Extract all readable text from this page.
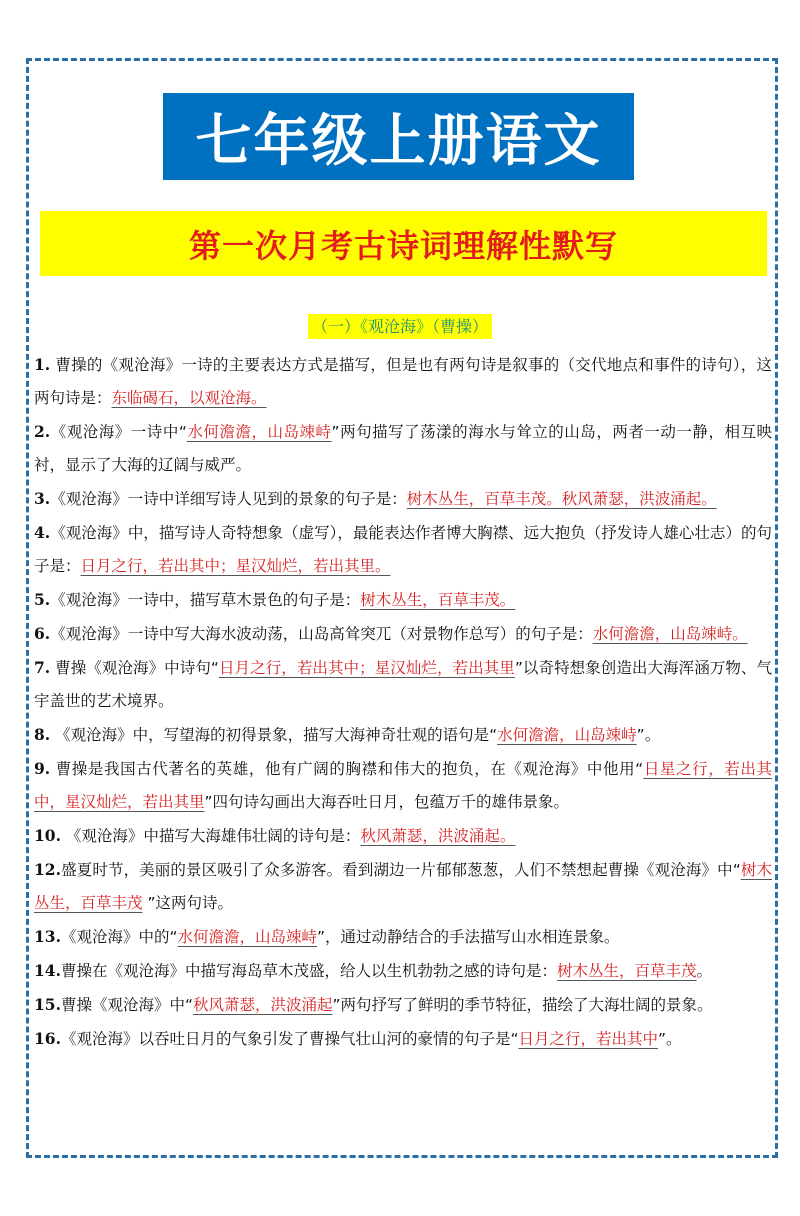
七年级上册语文
第一次月考古诗词理解性默写
（一）《观沧海》（曹操）

1. 曹操的《观沧海》一诗的主要表达方式是描写，但是也有两句诗是叙事的（交代地点和事件的诗句），这两句诗是：东临碣石，以观沧海。

2.《观沧海》一诗中“水何澹澹，山岛竦峙”两句描写了荡漾的海水与耸立的山岛，两者一动一静，相互映衬，显示了大海的辽阔与威严。

3.《观沧海》一诗中详细写诗人见到的景象的句子是：树木丛生，百草丰茂。秋风萧瑟，洪波涌起。

4.《观沧海》中，描写诗人奇特想象（虚写），最能表达作者博大胸襟、远大抱负（抒发诗人雄心壮志）的句子是：日月之行，若出其中；星汉灿烂，若出其里。

5.《观沧海》一诗中，描写草木景色的句子是：树木丛生，百草丰茂。

6.《观沧海》一诗中写大海水波动荡，山岛高耸突兀（对景物作总写）的句子是：水何澹澹，山岛竦峙。

7. 曹操《观沧海》中诗句“日月之行，若出其中；星汉灿烂，若出其里”以奇特想象创造出大海浑涵万物、气宇盖世的艺术境界。

8. 《观沧海》中，写望海的初得景象，描写大海神奇壮观的语句是“水何澹澹，山岛竦峙”。

9. 曹操是我国古代著名的英雄，他有广阔的胸襟和伟大的抱负，在《观沧海》中他用“日星之行，若出其中，星汉灿烂，若出其里”四句诗勾画出大海吞吐日月，包蕴万千的雄伟景象。

10. 《观沧海》中描写大海雄伟壮阔的诗句是：秋风萧瑟，洪波涌起。

12.盛夏时节，美丽的景区吸引了众多游客。看到湖边一片郁郁葱葱，人们不禁想起曹操《观沧海》中“树木丛生，百草丰茂 ”这两句诗。

13.《观沧海》中的“水何澹澹，山岛竦峙”，通过动静结合的手法描写山水相连景象。

14.曹操在《观沧海》中描写海岛草木茂盛，给人以生机勃勃之感的诗句是：树木丛生，百草丰茂。

15.曹操《观沧海》中“秋风萧瑟，洪波涌起”两句抒写了鲜明的季节特征，描绘了大海壮阔的景象。

16.《观沧海》以吞吐日月的气象引发了曹操气壮山河的豪情的句子是“日月之行，若出其中”。
